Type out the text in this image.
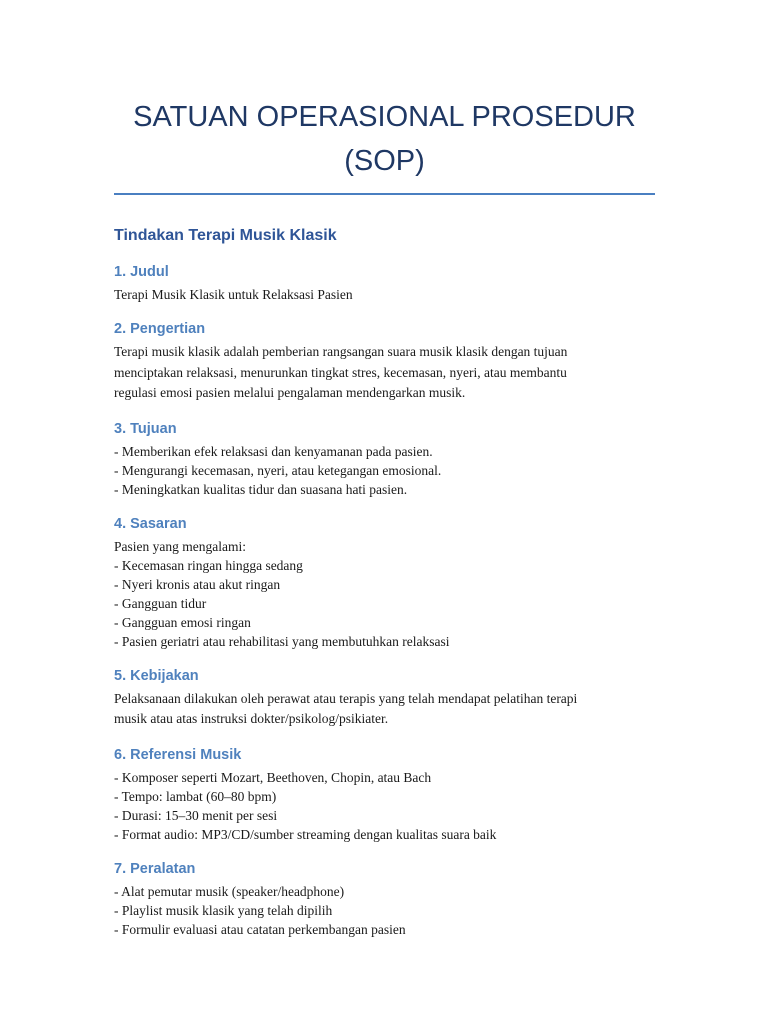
SATUAN OPERASIONAL PROSEDUR
(SOP)
Tindakan Terapi Musik Klasik
1. Judul
Terapi Musik Klasik untuk Relaksasi Pasien
2. Pengertian
Terapi musik klasik adalah pemberian rangsangan suara musik klasik dengan tujuan
menciptakan relaksasi, menurunkan tingkat stres, kecemasan, nyeri, atau membantu
regulasi emosi pasien melalui pengalaman mendengarkan musik.
3. Tujuan
- Memberikan efek relaksasi dan kenyamanan pada pasien.
- Mengurangi kecemasan, nyeri, atau ketegangan emosional.
- Meningkatkan kualitas tidur dan suasana hati pasien.
4. Sasaran
Pasien yang mengalami:
- Kecemasan ringan hingga sedang
- Nyeri kronis atau akut ringan
- Gangguan tidur
- Gangguan emosi ringan
- Pasien geriatri atau rehabilitasi yang membutuhkan relaksasi
5. Kebijakan
Pelaksanaan dilakukan oleh perawat atau terapis yang telah mendapat pelatihan terapi
musik atau atas instruksi dokter/psikolog/psikiater.
6. Referensi Musik
- Komposer seperti Mozart, Beethoven, Chopin, atau Bach
- Tempo: lambat (60–80 bpm)
- Durasi: 15–30 menit per sesi
- Format audio: MP3/CD/sumber streaming dengan kualitas suara baik
7. Peralatan
- Alat pemutar musik (speaker/headphone)
- Playlist musik klasik yang telah dipilih
- Formulir evaluasi atau catatan perkembangan pasien
